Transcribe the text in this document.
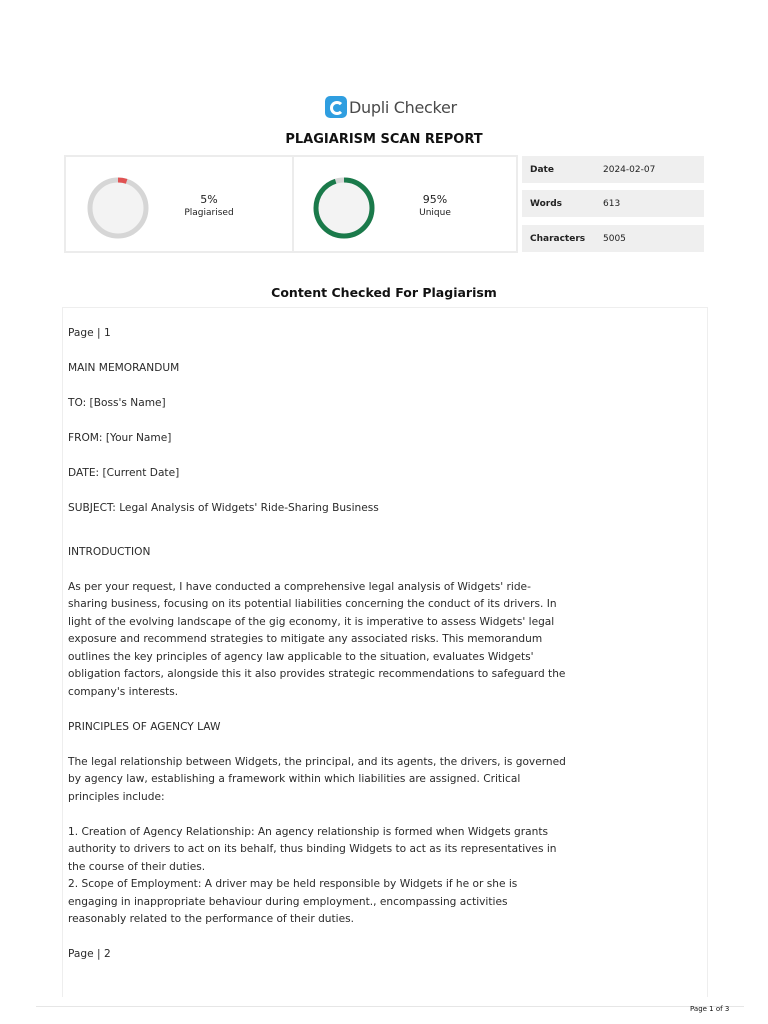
Dupli Checker
PLAGIARISM SCAN REPORT
5%
Plagiarised
95%
Unique
Date	2024-02-07
Words	613
Characters 5005
Content Checked For Plagiarism

Page | 1

MAIN MEMORANDUM

TO: [Boss's Name]

FROM: [Your Name]

DATE: [Current Date]

SUBJECT: Legal Analysis of Widgets' Ride-Sharing Business

INTRODUCTION

As per your request, I have conducted a comprehensive legal analysis of Widgets' ride-sharing business, focusing on its potential liabilities concerning the conduct of its drivers. In light of the evolving landscape of the gig economy, it is imperative to assess Widgets' legal exposure and recommend strategies to mitigate any associated risks. This memorandum outlines the key principles of agency law applicable to the situation, evaluates Widgets' obligation factors, alongside this it also provides strategic recommendations to safeguard the company's interests.

PRINCIPLES OF AGENCY LAW

The legal relationship between Widgets, the principal, and its agents, the drivers, is governed by agency law, establishing a framework within which liabilities are assigned. Critical principles include:

1. Creation of Agency Relationship: An agency relationship is formed when Widgets grants authority to drivers to act on its behalf, thus binding Widgets to act as its representatives in the course of their duties.

2. Scope of Employment: A driver may be held responsible by Widgets if he or she is engaging in inappropriate behaviour during employment., encompassing activities reasonably related to the performance of their duties.

Page | 2

Page 1 of 3
